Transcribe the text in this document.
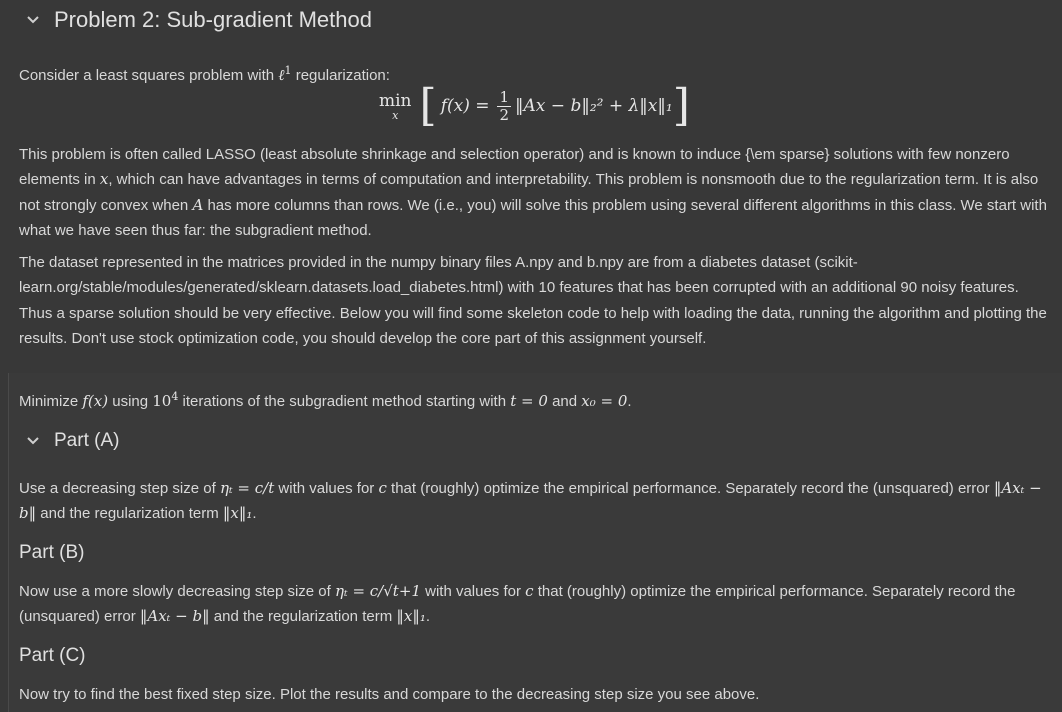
Problem 2: Sub-gradient Method

Consider a least squares problem with ℓ$^1$ regularization:

min
x [ $f(x) = \frac{1}{2}$ ‖Ax − b‖₂² + λ‖x‖₁ ]

This problem is often called LASSO (least absolute shrinkage and selection operator) and is known to induce {\em sparse} solutions with few nonzero elements in x, which can have advantages in terms of computation and interpretability. This problem is nonsmooth due to the regularization term. It is also not strongly convex when A has more columns than rows. We (i.e., you) will solve this problem using several different algorithms in this class. We start with what we have seen thus far: the subgradient method.

The dataset represented in the matrices provided in the numpy binary files A.npy and b.npy are from a diabetes dataset (scikit-learn.org/stable/modules/generated/sklearn.datasets.load_diabetes.html) with 10 features that has been corrupted with an additional 90 noisy features. Thus a sparse solution should be very effective. Below you will find some skeleton code to help with loading the data, running the algorithm and plotting the results. Don't use stock optimization code, you should develop the core part of this assignment yourself.

Minimize f(x) using $10^4$ iterations of the subgradient method starting with t = 0 and x₀ = 0.

Part (A)

Use a decreasing step size of ηₜ = c/t with values for c that (roughly) optimize the empirical performance. Separately record the (unsquared) error ‖Axₜ − b‖ and the regularization term ‖x‖₁.

Part (B)

Now use a more slowly decreasing step size of ηₜ = c/√t+1 with values for c that (roughly) optimize the empirical performance. Separately record the (unsquared) error ‖Axₜ − b‖ and the regularization term ‖x‖₁.

Part (C)

Now try to find the best fixed step size. Plot the results and compare to the decreasing step size you see above.
